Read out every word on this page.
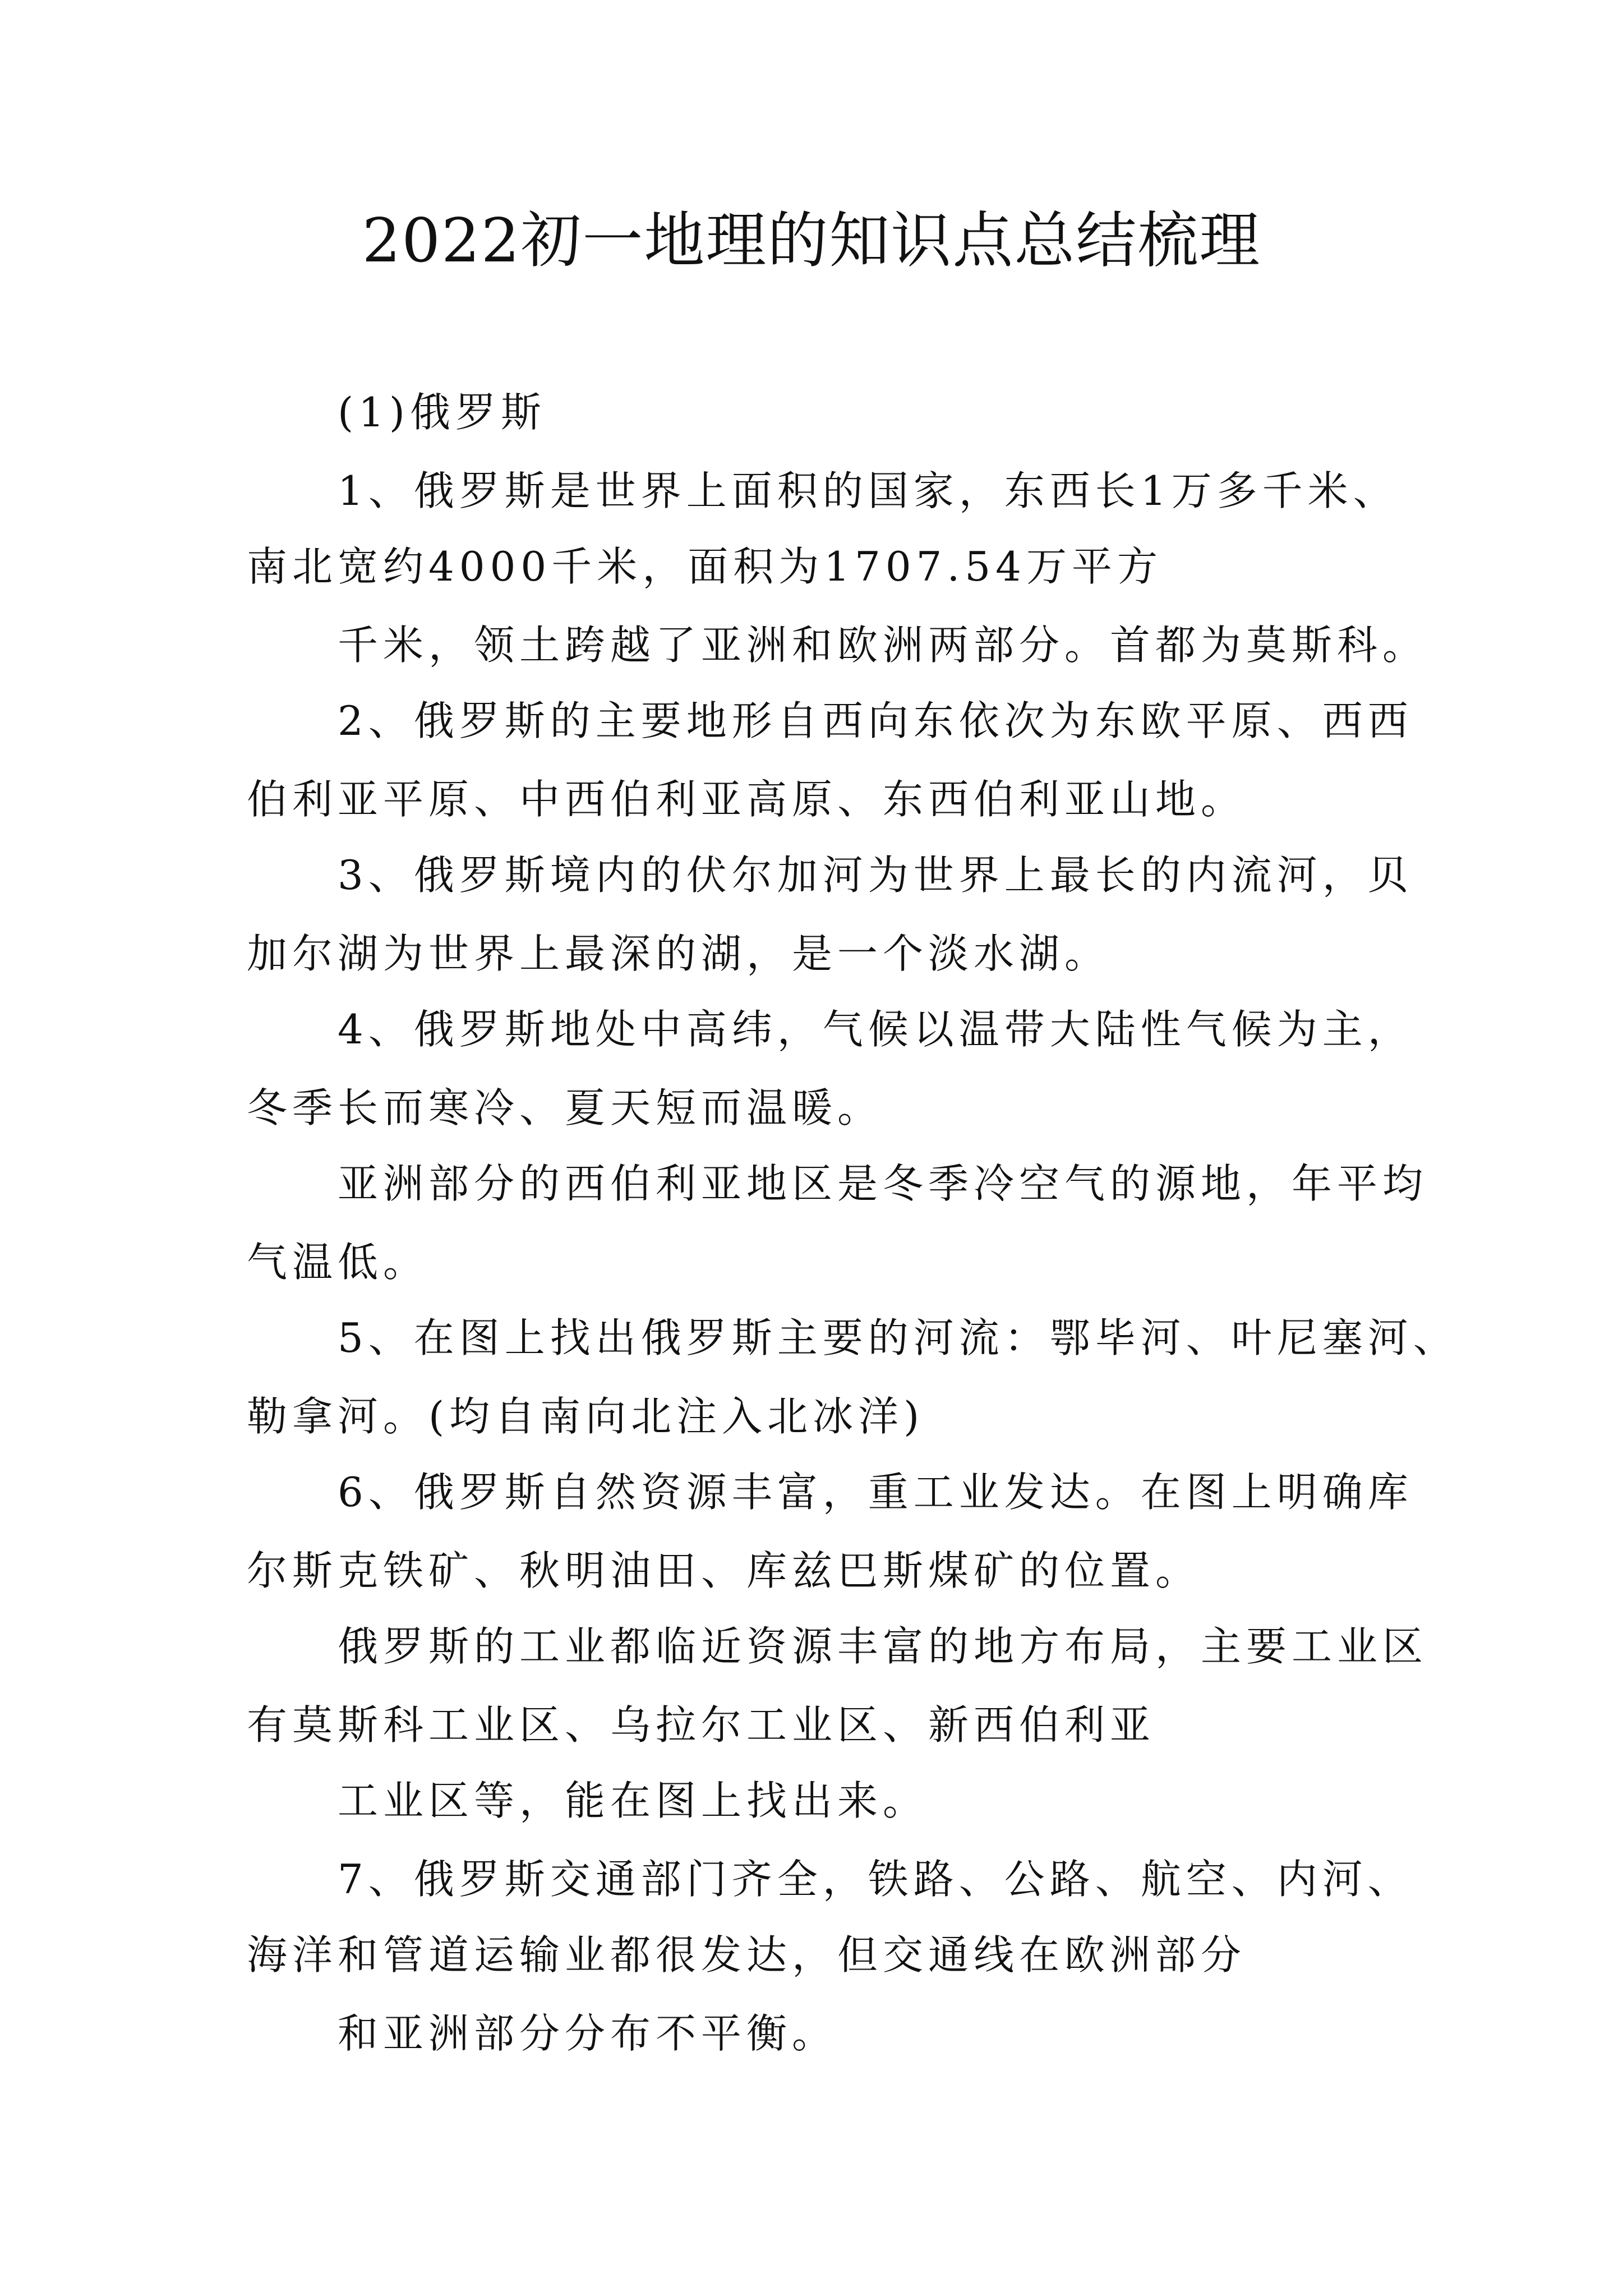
2022初一地理的知识点总结梳理
(1)俄罗斯
1、俄罗斯是世界上面积的国家，东西长1万多千米、
南北宽约4000千米，面积为1707.54万平方
千米，领土跨越了亚洲和欧洲两部分。首都为莫斯科。
2、俄罗斯的主要地形自西向东依次为东欧平原、西西
伯利亚平原、中西伯利亚高原、东西伯利亚山地。
3、俄罗斯境内的伏尔加河为世界上最长的内流河，贝
加尔湖为世界上最深的湖，是一个淡水湖。
4、俄罗斯地处中高纬，气候以温带大陆性气候为主，
冬季长而寒冷、夏天短而温暖。
亚洲部分的西伯利亚地区是冬季冷空气的源地，年平均
气温低。
5、在图上找出俄罗斯主要的河流：鄂毕河、叶尼塞河、
勒拿河。(均自南向北注入北冰洋)
6、俄罗斯自然资源丰富，重工业发达。在图上明确库
尔斯克铁矿、秋明油田、库兹巴斯煤矿的位置。
俄罗斯的工业都临近资源丰富的地方布局，主要工业区
有莫斯科工业区、乌拉尔工业区、新西伯利亚
工业区等，能在图上找出来。
7、俄罗斯交通部门齐全，铁路、公路、航空、内河、
海洋和管道运输业都很发达，但交通线在欧洲部分
和亚洲部分分布不平衡。
